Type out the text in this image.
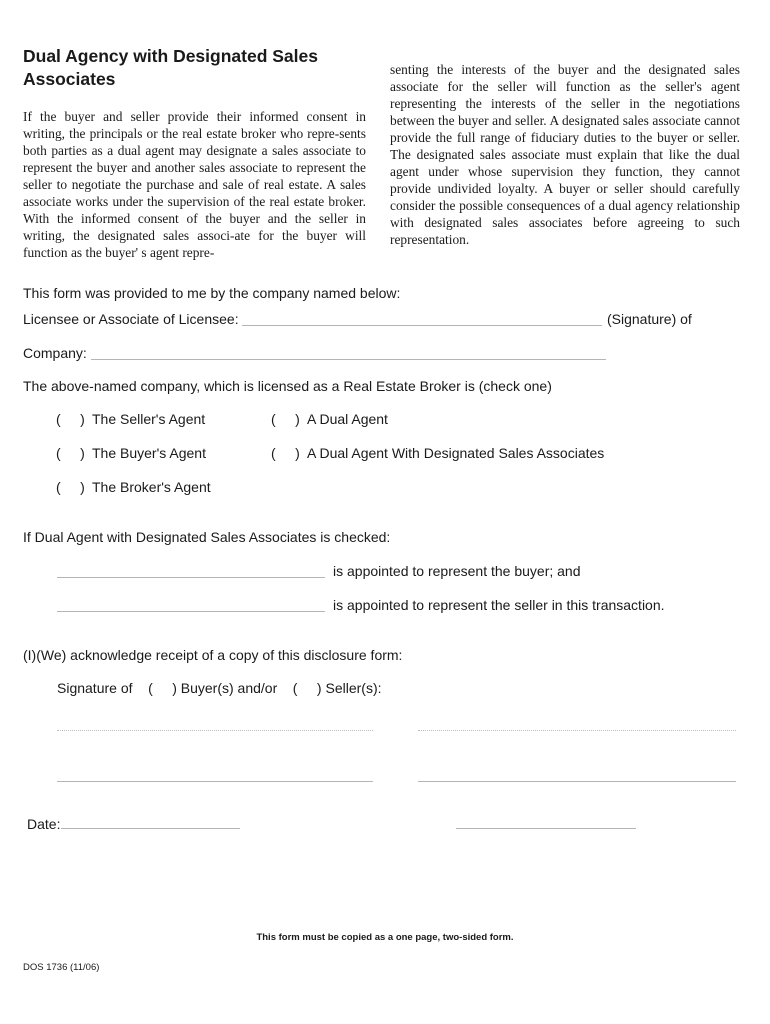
Dual Agency with Designated Sales Associates
If the buyer and seller provide their informed consent in writing, the principals or the real estate broker who repre-sents both parties as a dual agent may designate a sales associate to represent the buyer and another sales associate to represent the seller to negotiate the purchase and sale of real estate. A sales associate works under the supervision of the real estate broker. With the informed consent of the buyer and the seller in writing, the designated sales associ-ate for the buyer will function as the buyer' s agent repre-
senting the interests of the buyer and the designated sales associate for the seller will function as the seller's agent representing the interests of the seller in the negotiations between the buyer and seller. A designated sales associate cannot provide the full range of fiduciary duties to the buyer or seller. The designated sales associate must explain that like the dual agent under whose supervision they function, they cannot provide undivided loyalty. A buyer or seller should carefully consider the possible consequences of a dual agency relationship with designated sales associates before agreeing to such representation.
This form was provided to me by the company named below:
Licensee or Associate of Licensee:	(Signature) of
Company:
The above-named company, which is licensed as a Real Estate Broker is (check one)
( ) The Seller's Agent	( ) A Dual Agent
( ) The Buyer's Agent	( ) A Dual Agent With Designated Sales Associates
( ) The Broker's Agent
If Dual Agent with Designated Sales Associates is checked:
is appointed to represent the buyer; and
is appointed to represent the seller in this transaction.
(I)(We) acknowledge receipt of a copy of this disclosure form:
Signature of ( ) Buyer(s) and/or ( ) Seller(s):
Date:
This form must be copied as a one page, two-sided form.
DOS 1736 (11/06)
